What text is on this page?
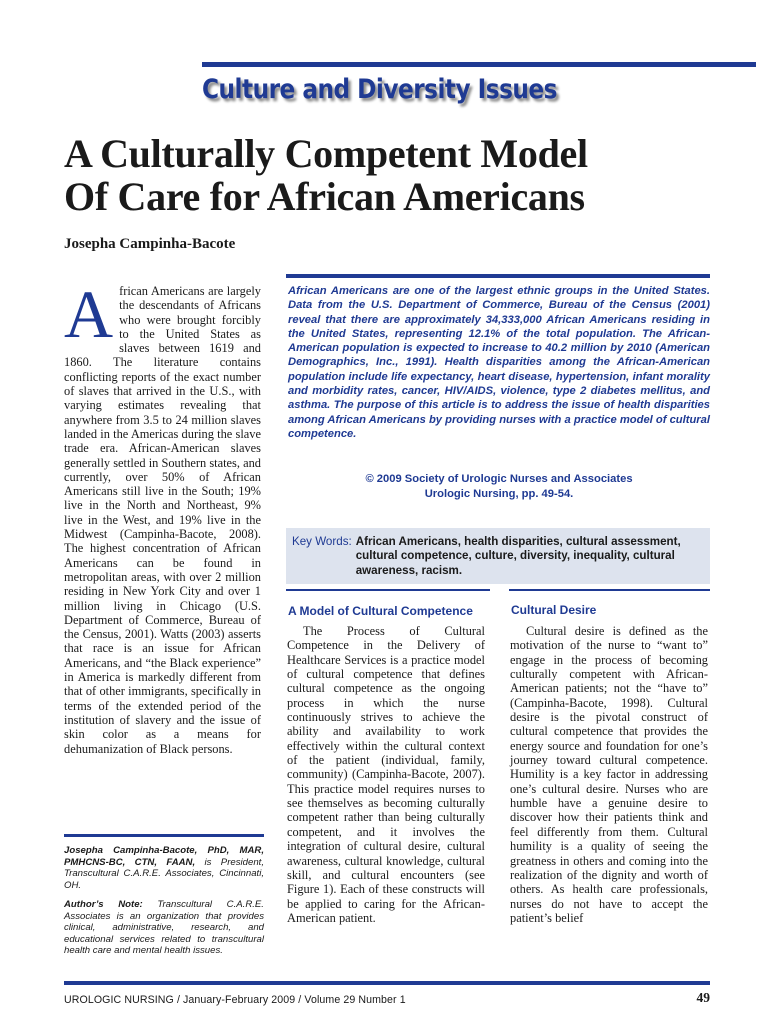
Culture and Diversity Issues
A Culturally Competent Model
Of Care for African Americans
Josepha Campinha-Bacote
African Americans are largely the descendants of Africans who were brought forcibly to the United States as slaves between 1619 and 1860. The literature contains conflicting reports of the exact number of slaves that arrived in the U.S., with varying estimates revealing that anywhere from 3.5 to 24 million slaves landed in the Americas during the slave trade era. African-American slaves generally settled in Southern states, and currently, over 50% of African Americans still live in the South; 19% live in the North and Northeast, 9% live in the West, and 19% live in the Midwest (Campinha-Bacote, 2008). The highest concentration of African Americans can be found in metropolitan areas, with over 2 million residing in New York City and over 1 million living in Chicago (U.S. Department of Commerce, Bureau of the Census, 2001). Watts (2003) asserts that race is an issue for African Americans, and “the Black experience” in America is markedly different from that of other immigrants, specifically in terms of the extended period of the institution of slavery and the issue of skin color as a means for dehumanization of Black persons.
African Americans are one of the largest ethnic groups in the United States. Data from the U.S. Department of Commerce, Bureau of the Census (2001) reveal that there are approximately 34,333,000 African Americans residing in the United States, representing 12.1% of the total population. The African-American population is expected to increase to 40.2 million by 2010 (American Demographics, Inc., 1991). Health disparities among the African-American population include life expectancy, heart disease, hypertension, infant morality and morbidity rates, cancer, HIV/AIDS, violence, type 2 diabetes mellitus, and asthma. The purpose of this article is to address the issue of health disparities among African Americans by providing nurses with a practice model of cultural competence.
© 2009 Society of Urologic Nurses and Associates
Urologic Nursing, pp. 49-54.
Key Words: African Americans, health disparities, cultural assessment, cultural competence, culture, diversity, inequality, cultural awareness, racism.
A Model of Cultural Competence

The Process of Cultural Competence in the Delivery of Healthcare Services is a practice model of cultural competence that defines cultural competence as the ongoing process in which the nurse continuously strives to achieve the ability and availability to work effectively within the cultural context of the patient (individual, family, community) (Campinha-Bacote, 2007). This practice model requires nurses to see themselves as becoming culturally competent rather than being culturally competent, and it involves the integration of cultural desire, cultural awareness, cultural knowledge, cultural skill, and cultural encounters (see Figure 1). Each of these constructs will be applied to caring for the African-American patient.

Cultural Desire

Cultural desire is defined as the motivation of the nurse to “want to” engage in the process of becoming culturally competent with African-American patients; not the “have to” (Campinha-Bacote, 1998). Cultural desire is the pivotal construct of cultural competence that provides the energy source and foundation for one’s journey toward cultural competence. Humility is a key factor in addressing one’s cultural desire. Nurses who are humble have a genuine desire to discover how their patients think and feel differently from them. Cultural humility is a quality of seeing the greatness in others and coming into the realization of the dignity and worth of others. As health care professionals, nurses do not have to accept the patient’s belief

Josepha Campinha-Bacote, PhD, MAR, PMHCNS-BC, CTN, FAAN, is President, Transcultural C.A.R.E. Associates, Cincinnati, OH.

Author’s Note: Transcultural C.A.R.E. Associates is an organization that provides clinical, administrative, research, and educational services related to transcultural health care and mental health issues.

UROLOGIC NURSING / January-February 2009 / Volume 29 Number 1	49
